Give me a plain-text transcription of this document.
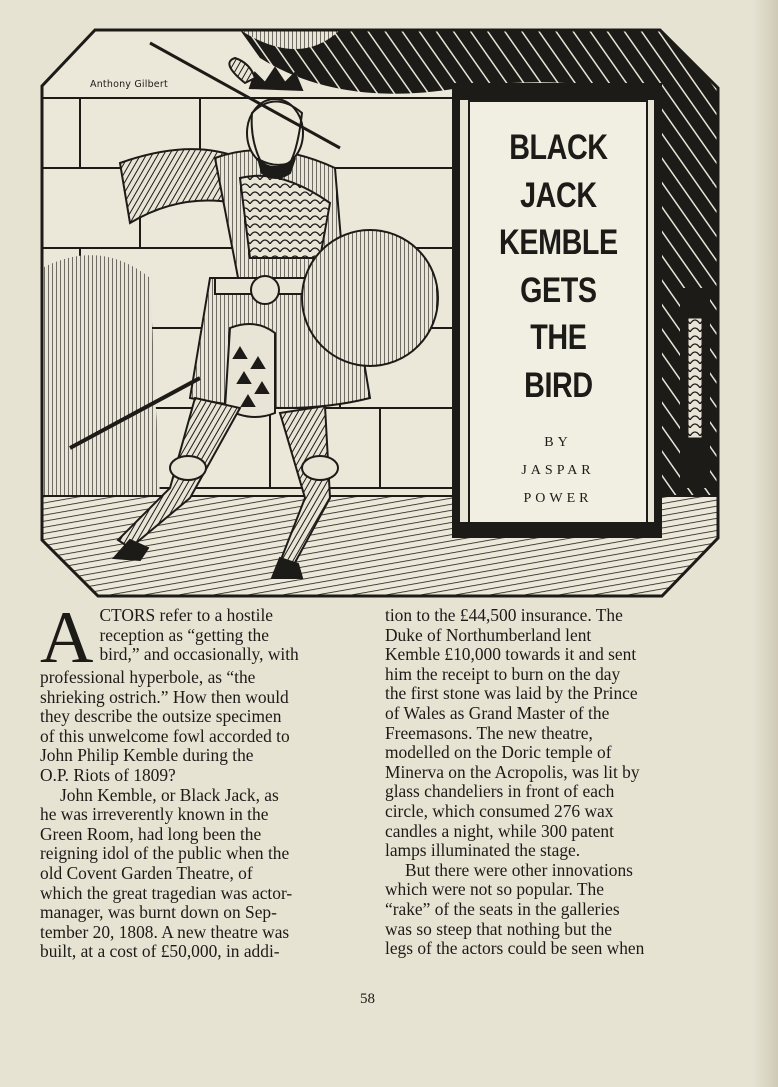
Anthony Gilbert
BLACK
JACK
KEMBLE
GETS
THE
BIRD
BY
JASPAR
POWER
A CTORS refer to a hostile
reception as “getting the
bird,” and occasionally, with
professional hyperbole, as “the
shrieking ostrich.” How then would
they describe the outsize specimen
of this unwelcome fowl accorded to
John Philip Kemble during the
O.P. Riots of 1809?
John Kemble, or Black Jack, as
he was irreverently known in the
Green Room, had long been the
reigning idol of the public when the
old Covent Garden Theatre, of
which the great tragedian was actor-
manager, was burnt down on Sep-
tember 20, 1808. A new theatre was
built, at a cost of £50,000, in addi-
tion to the £44,500 insurance. The
Duke of Northumberland lent
Kemble £10,000 towards it and sent
him the receipt to burn on the day
the first stone was laid by the Prince
of Wales as Grand Master of the
Freemasons. The new theatre,
modelled on the Doric temple of
Minerva on the Acropolis, was lit by
glass chandeliers in front of each
circle, which consumed 276 wax
candles a night, while 300 patent
lamps illuminated the stage.
But there were other innovations
which were not so popular. The
“rake” of the seats in the galleries
was so steep that nothing but the
legs of the actors could be seen when
58
